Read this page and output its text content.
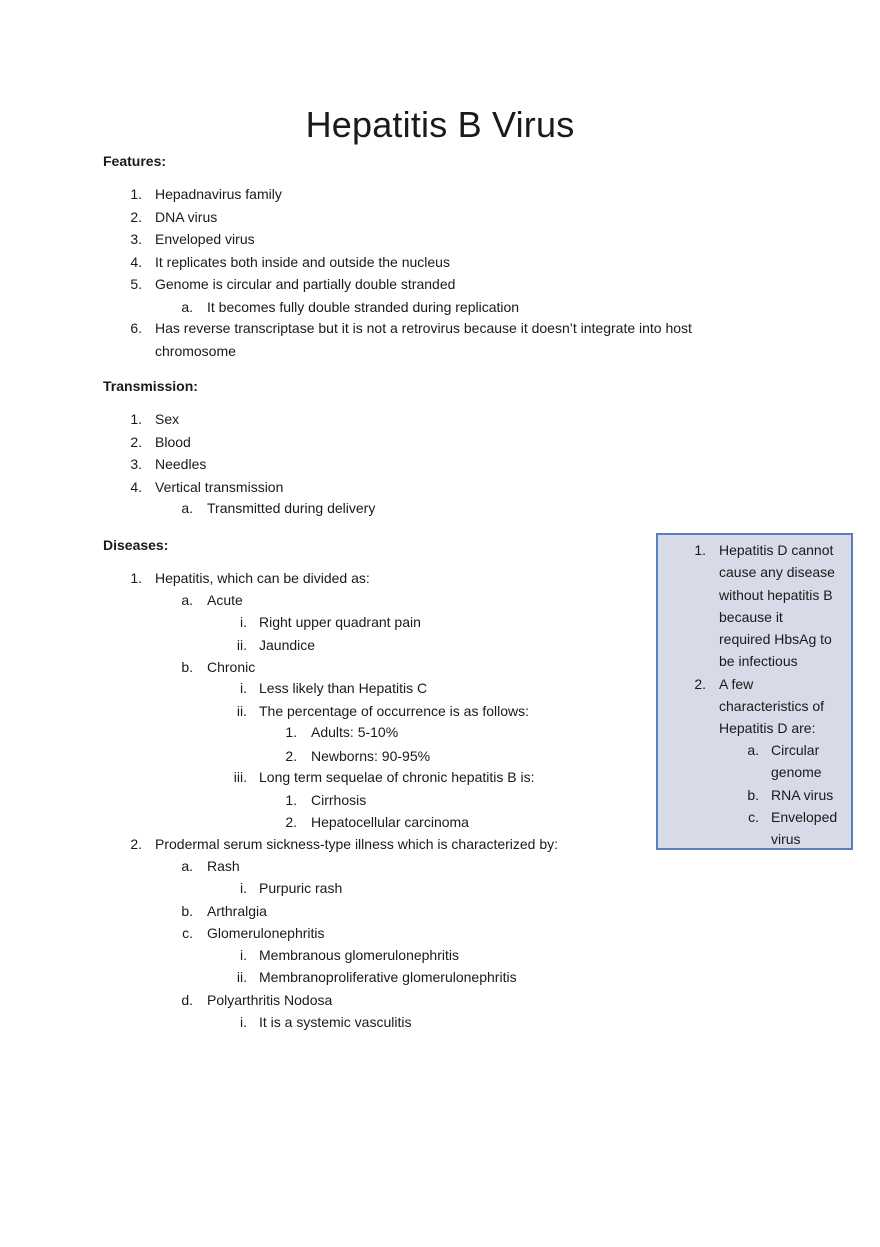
Hepatitis B Virus
Features:
1. Hepadnavirus family
2. DNA virus
3. Enveloped virus
4. It replicates both inside and outside the nucleus
5. Genome is circular and partially double stranded
a. It becomes fully double stranded during replication
6. Has reverse transcriptase but it is not a retrovirus because it doesn’t integrate into host
chromosome
Transmission:
1. Sex
2. Blood
3. Needles
4. Vertical transmission
a. Transmitted during delivery
Diseases:
1. Hepatitis, which can be divided as:
a. Acute
i. Right upper quadrant pain
ii. Jaundice
b. Chronic
i. Less likely than Hepatitis C
ii. The percentage of occurrence is as follows:
1. Adults: 5-10%
2. Newborns: 90-95%
iii. Long term sequelae of chronic hepatitis B is:
1. Cirrhosis
2. Hepatocellular carcinoma
2. Prodermal serum sickness-type illness which is characterized by:
a. Rash
i. Purpuric rash
b. Arthralgia
c. Glomerulonephritis
i. Membranous glomerulonephritis
ii. Membranoproliferative glomerulonephritis
d. Polyarthritis Nodosa
i. It is a systemic vasculitis
1. Hepatitis D cannot
cause any disease
without hepatitis B
because it
required HbsAg to
be infectious
2. A few
characteristics of
Hepatitis D are:
a. Circular
genome
b. RNA virus
c. Enveloped
virus
